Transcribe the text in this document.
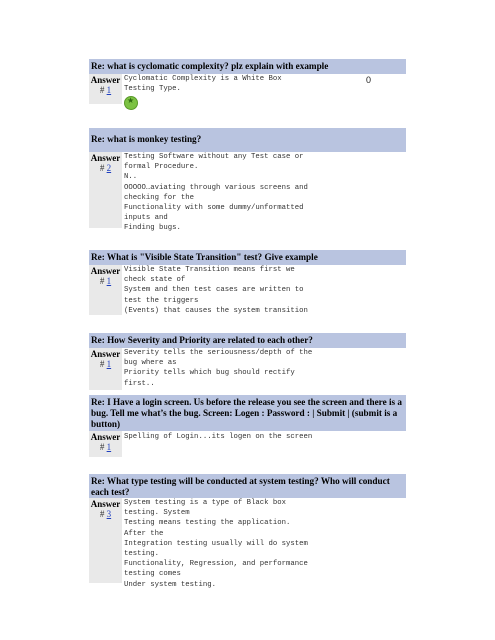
Re: what is cyclomatic complexity? plz explain with example
Answer
# 1
Cyclomatic Complexity is a White Box
Testing Type.
★
0
Re: what is monkey testing?
Answer
# 2
Testing Software without any Test case or
formal Procedure.
N..
OOOOO…aviating through various screens and
checking for the
Functionality with some dummy/unformatted
inputs and
Finding bugs.
Re: What is "Visible State Transition" test? Give example
Answer
# 1
Visible State Transition means first we
check state of
System and then test cases are written to
test the triggers
(Events) that causes the system transition
Re: How Severity and Priority are related to each other?
Answer
# 1
Severity tells the seriousness/depth of the
bug where as
Priority tells which bug should rectify
first..
Re: I Have a login screen. Us before the release you see the screen and there is a bug. Tell me what’s the bug. Screen: Logen : Password : | Submit | (submit is a button)
Answer
# 1
Spelling of Login...its logen on the screen
Re: What type testing will be conducted at system testing? Who will conduct each test?
Answer
# 3
System testing is a type of Black box
testing. System
Testing means testing the application.
After the
Integration testing usually will do system
testing.
Functionality, Regression, and performance
testing comes
Under system testing.
